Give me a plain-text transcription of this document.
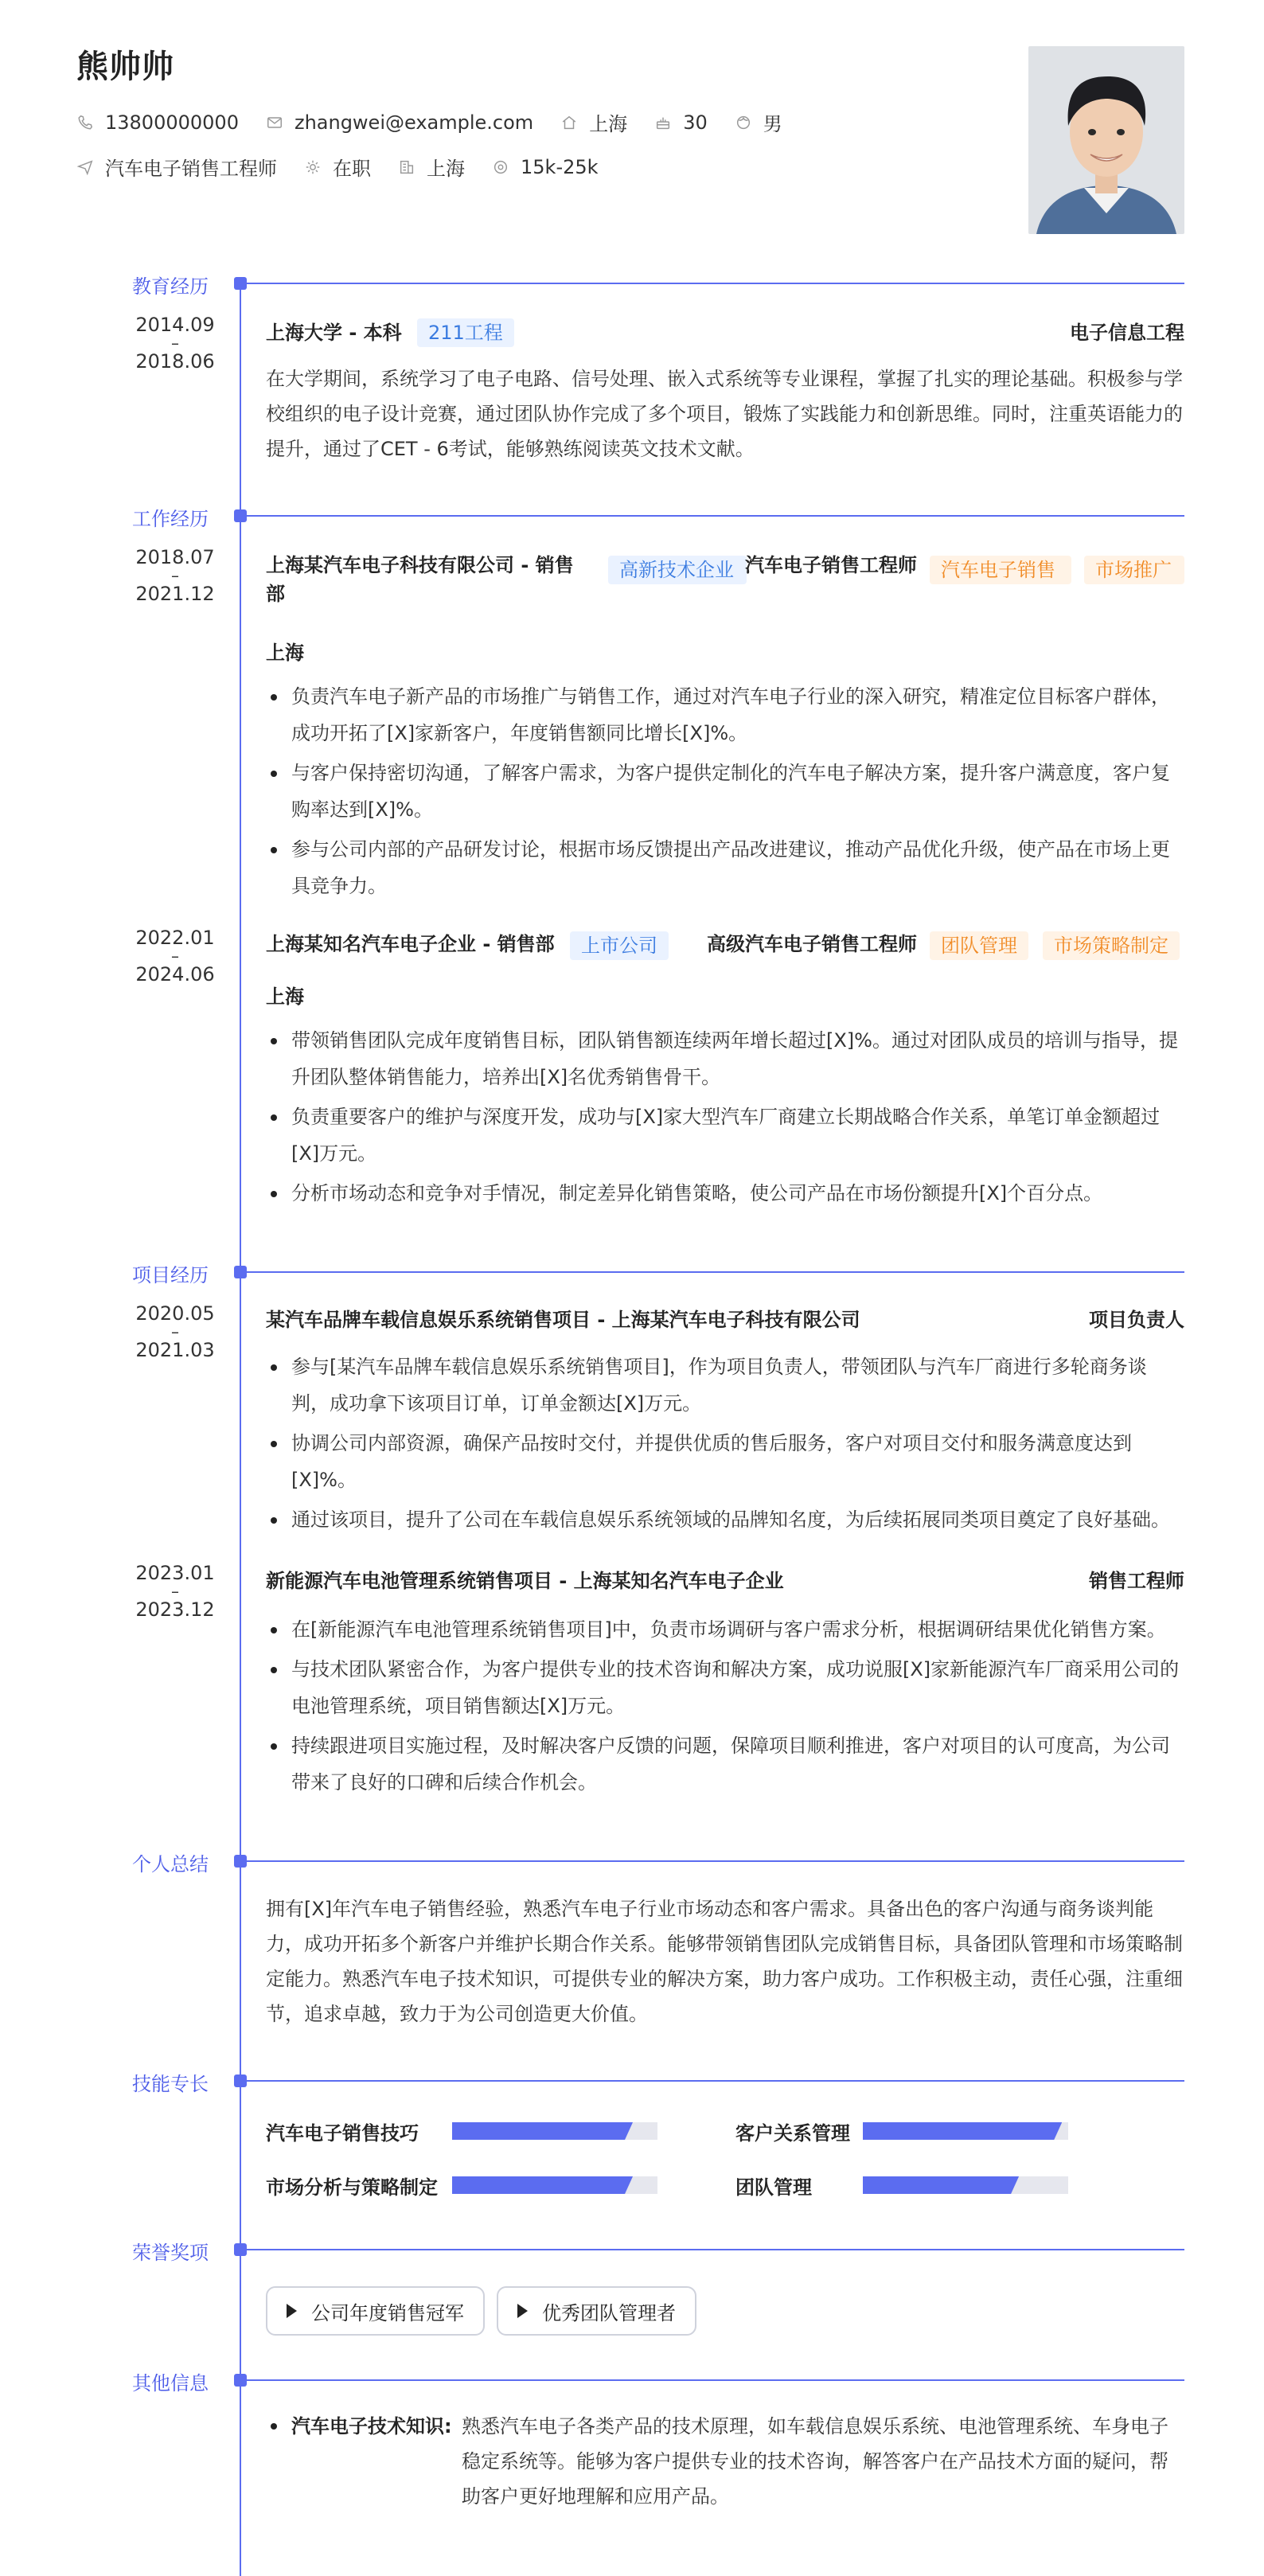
熊帅帅
13800000000	zhangwei@example.com	上海	30	男
汽车电子销售工程师	在职	上海	15k-25k
教育经历
2014.09
–
2018.06
上海大学 - 本科	211工程	电子信息工程
在大学期间，系统学习了电子电路、信号处理、嵌入式系统等专业课程，掌握了扎实的理论基础。积极参与学校组织的电子设计竞赛，通过团队协作完成了多个项目，锻炼了实践能力和创新思维。同时，注重英语能力的提升，通过了CET - 6考试，能够熟练阅读英文技术文献。
工作经历
2018.07
–
2021.12
上海某汽车电子科技有限公司 - 销售部
高新技术企业 汽车电子销售工程师	汽车电子销售	市场推广
上海
负责汽车电子新产品的市场推广与销售工作，通过对汽车电子行业的深入研究，精准定位目标客户群体，成功开拓了[X]家新客户，年度销售额同比增长[X]%。
与客户保持密切沟通，了解客户需求，为客户提供定制化的汽车电子解决方案，提升客户满意度，客户复购率达到[X]%。
参与公司内部的产品研发讨论，根据市场反馈提出产品改进建议，推动产品优化升级，使产品在市场上更具竞争力。
2022.01
–
2024.06
上海某知名汽车电子企业 - 销售部	上市公司	高级汽车电子销售工程师	团队管理	市场策略制定
上海
带领销售团队完成年度销售目标，团队销售额连续两年增长超过[X]%。通过对团队成员的培训与指导，提升团队整体销售能力，培养出[X]名优秀销售骨干。
负责重要客户的维护与深度开发，成功与[X]家大型汽车厂商建立长期战略合作关系，单笔订单金额超过[X]万元。
分析市场动态和竞争对手情况，制定差异化销售策略，使公司产品在市场份额提升[X]个百分点。
项目经历
2020.05
–
2021.03
某汽车品牌车载信息娱乐系统销售项目 - 上海某汽车电子科技有限公司	项目负责人
参与[某汽车品牌车载信息娱乐系统销售项目]，作为项目负责人，带领团队与汽车厂商进行多轮商务谈判，成功拿下该项目订单，订单金额达[X]万元。
协调公司内部资源，确保产品按时交付，并提供优质的售后服务，客户对项目交付和服务满意度达到[X]%。
通过该项目，提升了公司在车载信息娱乐系统领域的品牌知名度，为后续拓展同类项目奠定了良好基础。
2023.01
–
2023.12
新能源汽车电池管理系统销售项目 - 上海某知名汽车电子企业	销售工程师
在[新能源汽车电池管理系统销售项目]中，负责市场调研与客户需求分析，根据调研结果优化销售方案。
与技术团队紧密合作，为客户提供专业的技术咨询和解决方案，成功说服[X]家新能源汽车厂商采用公司的电池管理系统，项目销售额达[X]万元。
持续跟进项目实施过程，及时解决客户反馈的问题，保障项目顺利推进，客户对项目的认可度高，为公司带来了良好的口碑和后续合作机会。
个人总结
拥有[X]年汽车电子销售经验，熟悉汽车电子行业市场动态和客户需求。具备出色的客户沟通与商务谈判能力，成功开拓多个新客户并维护长期合作关系。能够带领销售团队完成销售目标，具备团队管理和市场策略制定能力。熟悉汽车电子技术知识，可提供专业的解决方案，助力客户成功。工作积极主动，责任心强，注重细节，追求卓越，致力于为公司创造更大价值。
技能专长
汽车电子销售技巧	客户关系管理
市场分析与策略制定	团队管理
荣誉奖项
公司年度销售冠军	优秀团队管理者
其他信息
汽车电子技术知识: 熟悉汽车电子各类产品的技术原理，如车载信息娱乐系统、电池管理系统、车身电子稳定系统等。能够为客户提供专业的技术咨询，解答客户在产品技术方面的疑问，帮助客户更好地理解和应用产品。
